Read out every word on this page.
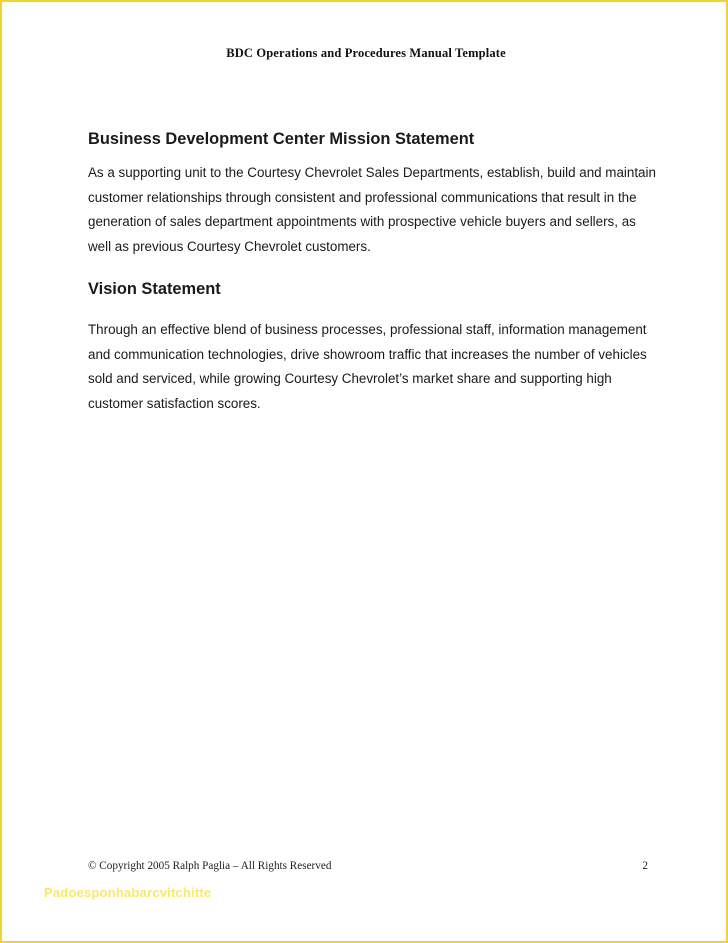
BDC Operations and Procedures Manual Template
Business Development Center Mission Statement

As a supporting unit to the Courtesy Chevrolet Sales Departments, establish, build and maintain customer relationships through consistent and professional communications that result in the generation of sales department appointments with prospective vehicle buyers and sellers, as well as previous Courtesy Chevrolet customers.

Vision Statement

Through an effective blend of business processes, professional staff, information management and communication technologies, drive showroom traffic that increases the number of vehicles sold and serviced, while growing Courtesy Chevrolet’s market share and supporting high customer satisfaction scores.

© Copyright 2005 Ralph Paglia – All Rights Reserved	2
Padoesponhabarcvitchitte
